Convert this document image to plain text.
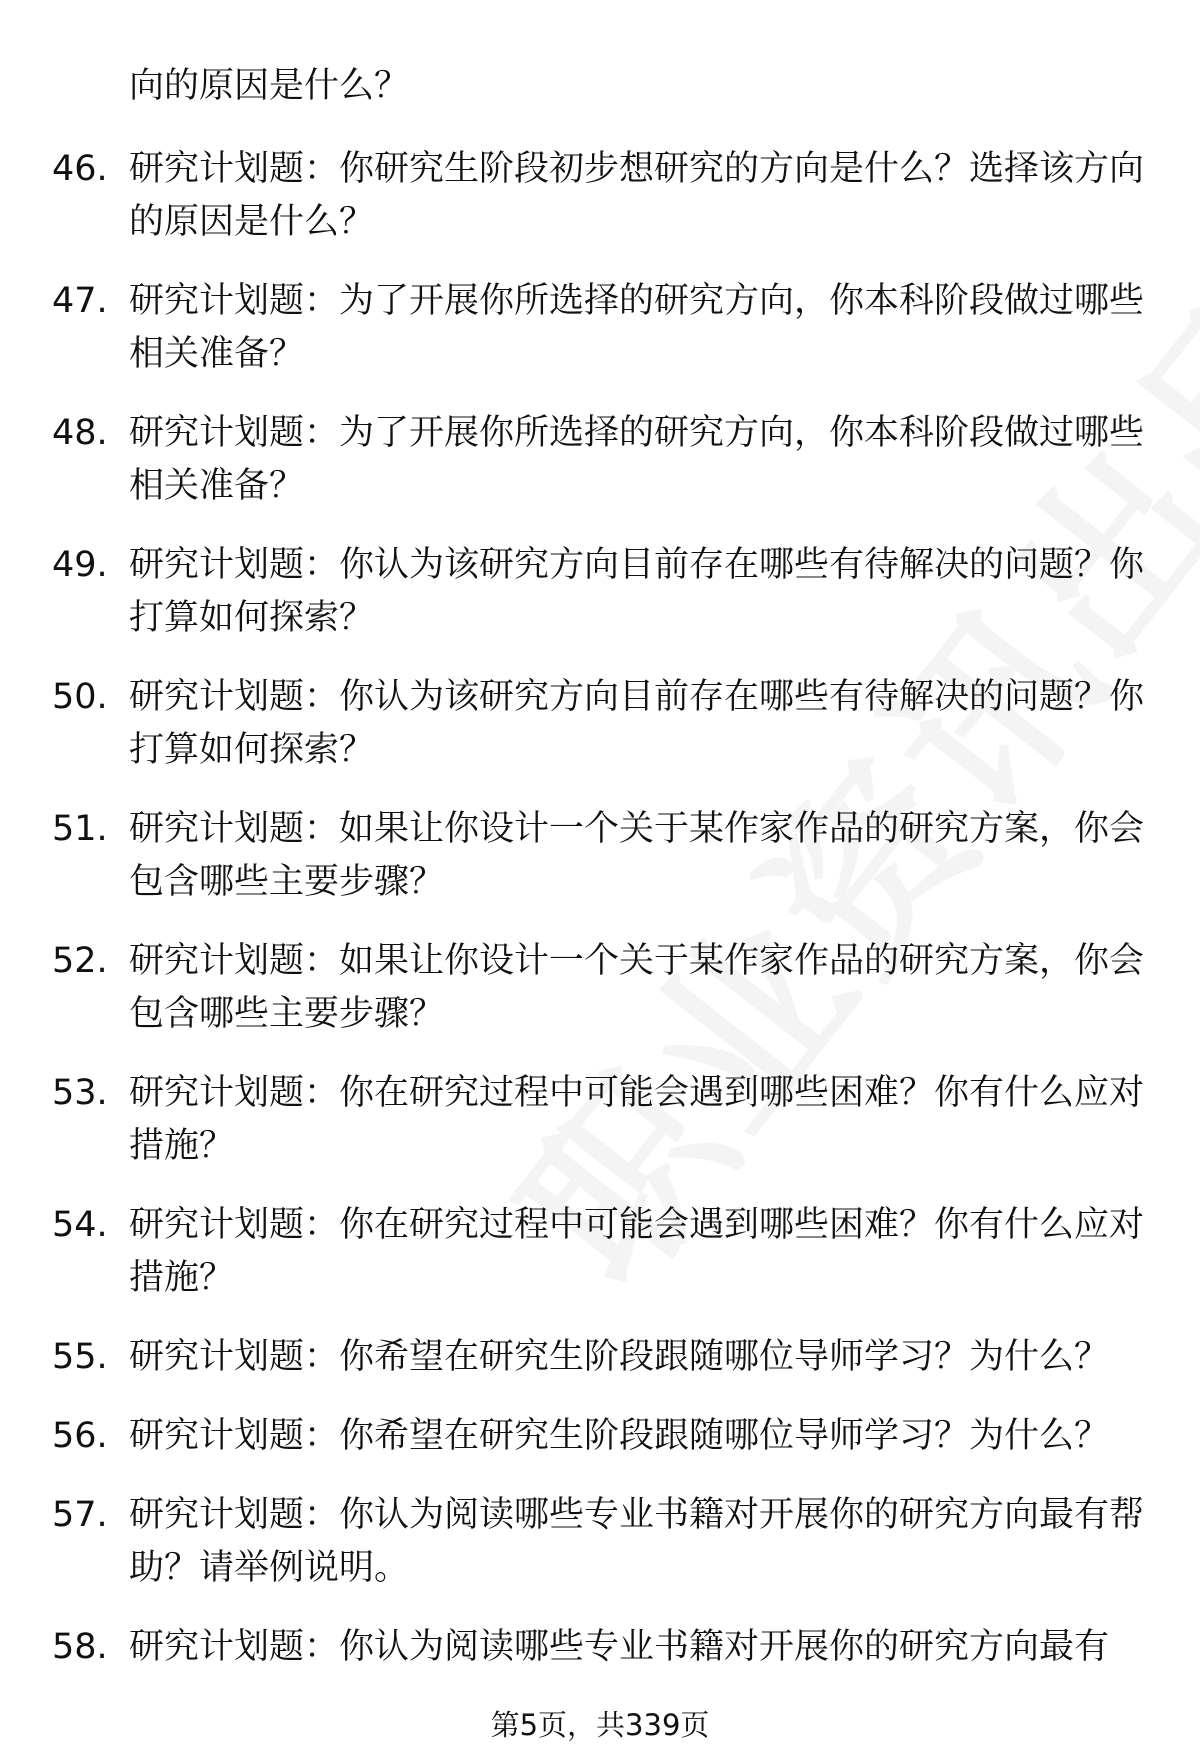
向的原因是什么？
46. 研究计划题：你研究生阶段初步想研究的方向是什么？选择该方向的原因是什么？
47. 研究计划题：为了开展你所选择的研究方向，你本科阶段做过哪些相关准备？
48. 研究计划题：为了开展你所选择的研究方向，你本科阶段做过哪些相关准备？
49. 研究计划题：你认为该研究方向目前存在哪些有待解决的问题？你打算如何探索？
50. 研究计划题：你认为该研究方向目前存在哪些有待解决的问题？你打算如何探索？
51. 研究计划题：如果让你设计一个关于某作家作品的研究方案，你会包含哪些主要步骤？
52. 研究计划题：如果让你设计一个关于某作家作品的研究方案，你会包含哪些主要步骤？
53. 研究计划题：你在研究过程中可能会遇到哪些困难？你有什么应对措施？
54. 研究计划题：你在研究过程中可能会遇到哪些困难？你有什么应对措施？
55. 研究计划题：你希望在研究生阶段跟随哪位导师学习？为什么？
56. 研究计划题：你希望在研究生阶段跟随哪位导师学习？为什么？
57. 研究计划题：你认为阅读哪些专业书籍对开展你的研究方向最有帮助？请举例说明。
58. 研究计划题：你认为阅读哪些专业书籍对开展你的研究方向最有
第5页，共339页
